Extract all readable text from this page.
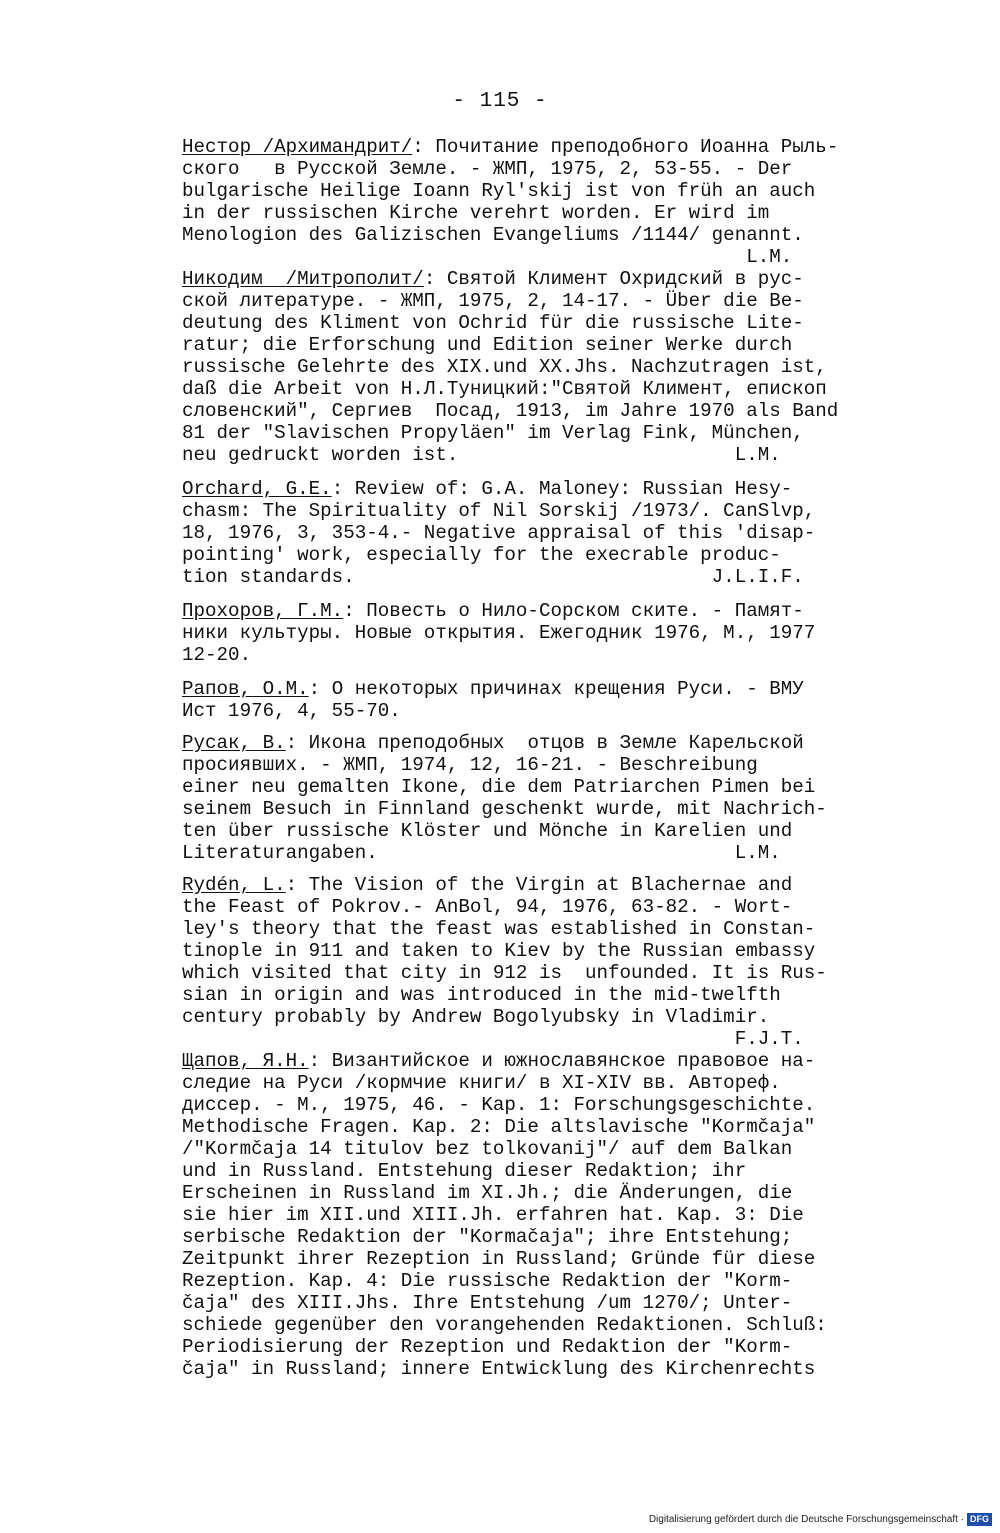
- 115 -
Нестор /Архимандрит/: Почитание преподобного Иоанна Рыль-
ского   в Русской Земле. - ЖМП, 1975, 2, 53-55. - Der
bulgarische Heilige Ioann Ryl'skij ist von früh an auch
in der russischen Kirche verehrt worden. Er wird im
Menologion des Galizischen Evangeliums /1144/ genannt.
L.M.
Никодим  /Митрополит/: Святой Климент Охридский в рус-
ской литературе. - ЖМП, 1975, 2, 14-17. - Über die Be-
deutung des Kliment von Ochrid für die russische Lite-
ratur; die Erforschung und Edition seiner Werke durch
russische Gelehrte des XIX.und XX.Jhs. Nachzutragen ist,
daß die Arbeit von Н.Л.Туницкий:"Святой Климент, епископ
словенский", Сергиев  Посад, 1913, im Jahre 1970 als Band
81 der "Slavischen Propyläen" im Verlag Fink, München,
neu gedruckt worden ist.                        L.M.
Orchard, G.E.: Review of: G.A. Maloney: Russian Hesy-
chasm: The Spirituality of Nil Sorskij /1973/. CanSlvp,
18, 1976, 3, 353-4.- Negative appraisal of this 'disap-
pointing' work, especially for the execrable produc-
tion standards.                               J.L.I.F.
Прохоров, Г.М.: Повесть о Нило-Сорском ските. - Памят-
ники культуры. Новые открытия. Ежегодник 1976, М., 1977
12-20.
Рапов, О.М.: О некоторых причинах крещения Руси. - ВМУ
Ист 1976, 4, 55-70.
Русак, В.: Икона преподобных  отцов в Земле Карельской
просиявших. - ЖМП, 1974, 12, 16-21. - Beschreibung
einer neu gemalten Ikone, die dem Patriarchen Pimen bei
seinem Besuch in Finnland geschenkt wurde, mit Nachrich-
ten über russische Klöster und Mönche in Karelien und
Literaturangaben.                               L.M.
Rydén, L.: The Vision of the Virgin at Blachernae and
the Feast of Pokrov.- AnBol, 94, 1976, 63-82. - Wort-
ley's theory that the feast was established in Constan-
tinople in 911 and taken to Kiev by the Russian embassy
which visited that city in 912 is  unfounded. It is Rus-
sian in origin and was introduced in the mid-twelfth
century probably by Andrew Bogolyubsky in Vladimir.
F.J.T.
Щапов, Я.Н.: Византийское и южнославянское правовое на-
следие на Руси /кормчие книги/ в XI-XIV вв. Автореф.
диссер. - М., 1975, 46. - Kap. 1: Forschungsgeschichte.
Methodische Fragen. Kap. 2: Die altslavische "Kormčaja"
/"Kormčaja 14 titulov bez tolkovanij"/ auf dem Balkan
und in Russland. Entstehung dieser Redaktion; ihr
Erscheinen in Russland im XI.Jh.; die Änderungen, die
sie hier im XII.und XIII.Jh. erfahren hat. Kap. 3: Die
serbische Redaktion der "Kormačaja"; ihre Entstehung;
Zeitpunkt ihrer Rezeption in Russland; Gründe für diese
Rezeption. Kap. 4: Die russische Redaktion der "Korm-
čaja" des XIII.Jhs. Ihre Entstehung /um 1270/; Unter-
schiede gegenüber den vorangehenden Redaktionen. Schluß:
Periodisierung der Rezeption und Redaktion der "Korm-
čaja" in Russland; innere Entwicklung des Kirchenrechts
Digitalisierung gefördert durch die Deutsche Forschungsgemeinschaft · DFG
